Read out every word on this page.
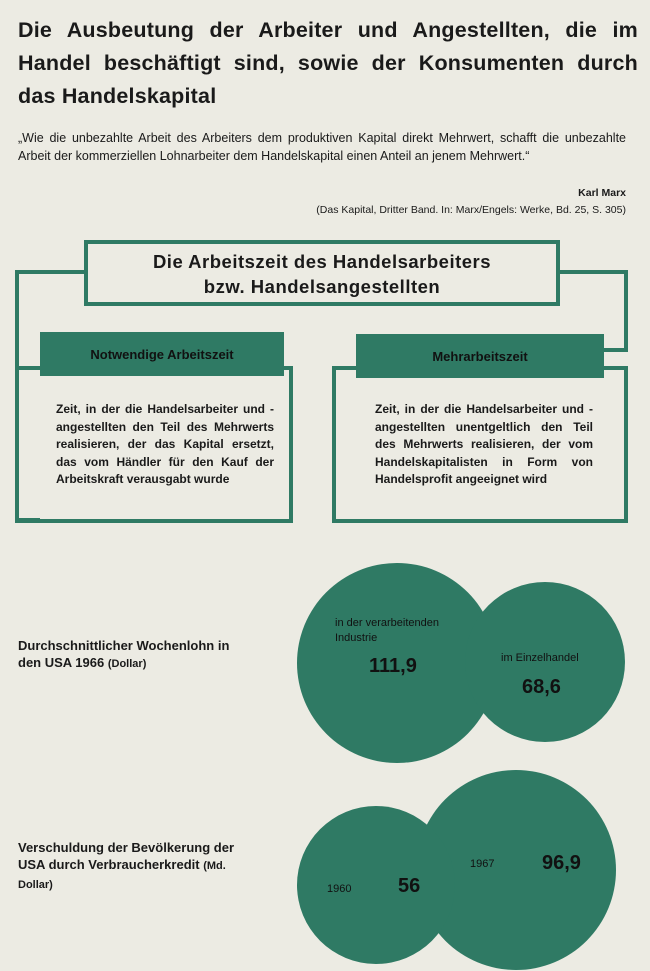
Die Ausbeutung der Arbeiter und Angestellten, die im Handel beschäftigt sind, sowie der Konsumenten durch das Handelskapital
„Wie die unbezahlte Arbeit des Arbeiters dem produktiven Kapital direkt Mehrwert, schafft die unbezahlte Arbeit der kommerziellen Lohnarbeiter dem Handelskapital einen Anteil an jenem Mehrwert.“
Karl Marx
(Das Kapital, Dritter Band. In: Marx/Engels: Werke, Bd. 25, S. 305)
Die Arbeitszeit des Handelsarbeiters
bzw. Handelsangestellten
Notwendige Arbeitszeit	Mehrarbeitszeit
Zeit, in der die Handelsarbeiter und -angestellten den Teil des Mehrwerts realisieren, der das Kapital ersetzt, das vom Händler für den Kauf der Arbeitskraft verausgabt wurde
Zeit, in der die Handelsarbeiter und -angestellten unentgeltlich den Teil des Mehrwerts realisieren, der vom Handelskapitalisten in Form von Handelsprofit angeeignet wird
Durchschnittlicher Wochenlohn in den USA 1966 (Dollar)
in der verarbeitenden Industrie
111,9	im Einzelhandel
68,6
Verschuldung der Bevölkerung der USA durch Verbraucherkredit (Md. Dollar)	1960 56
1967 96,9
